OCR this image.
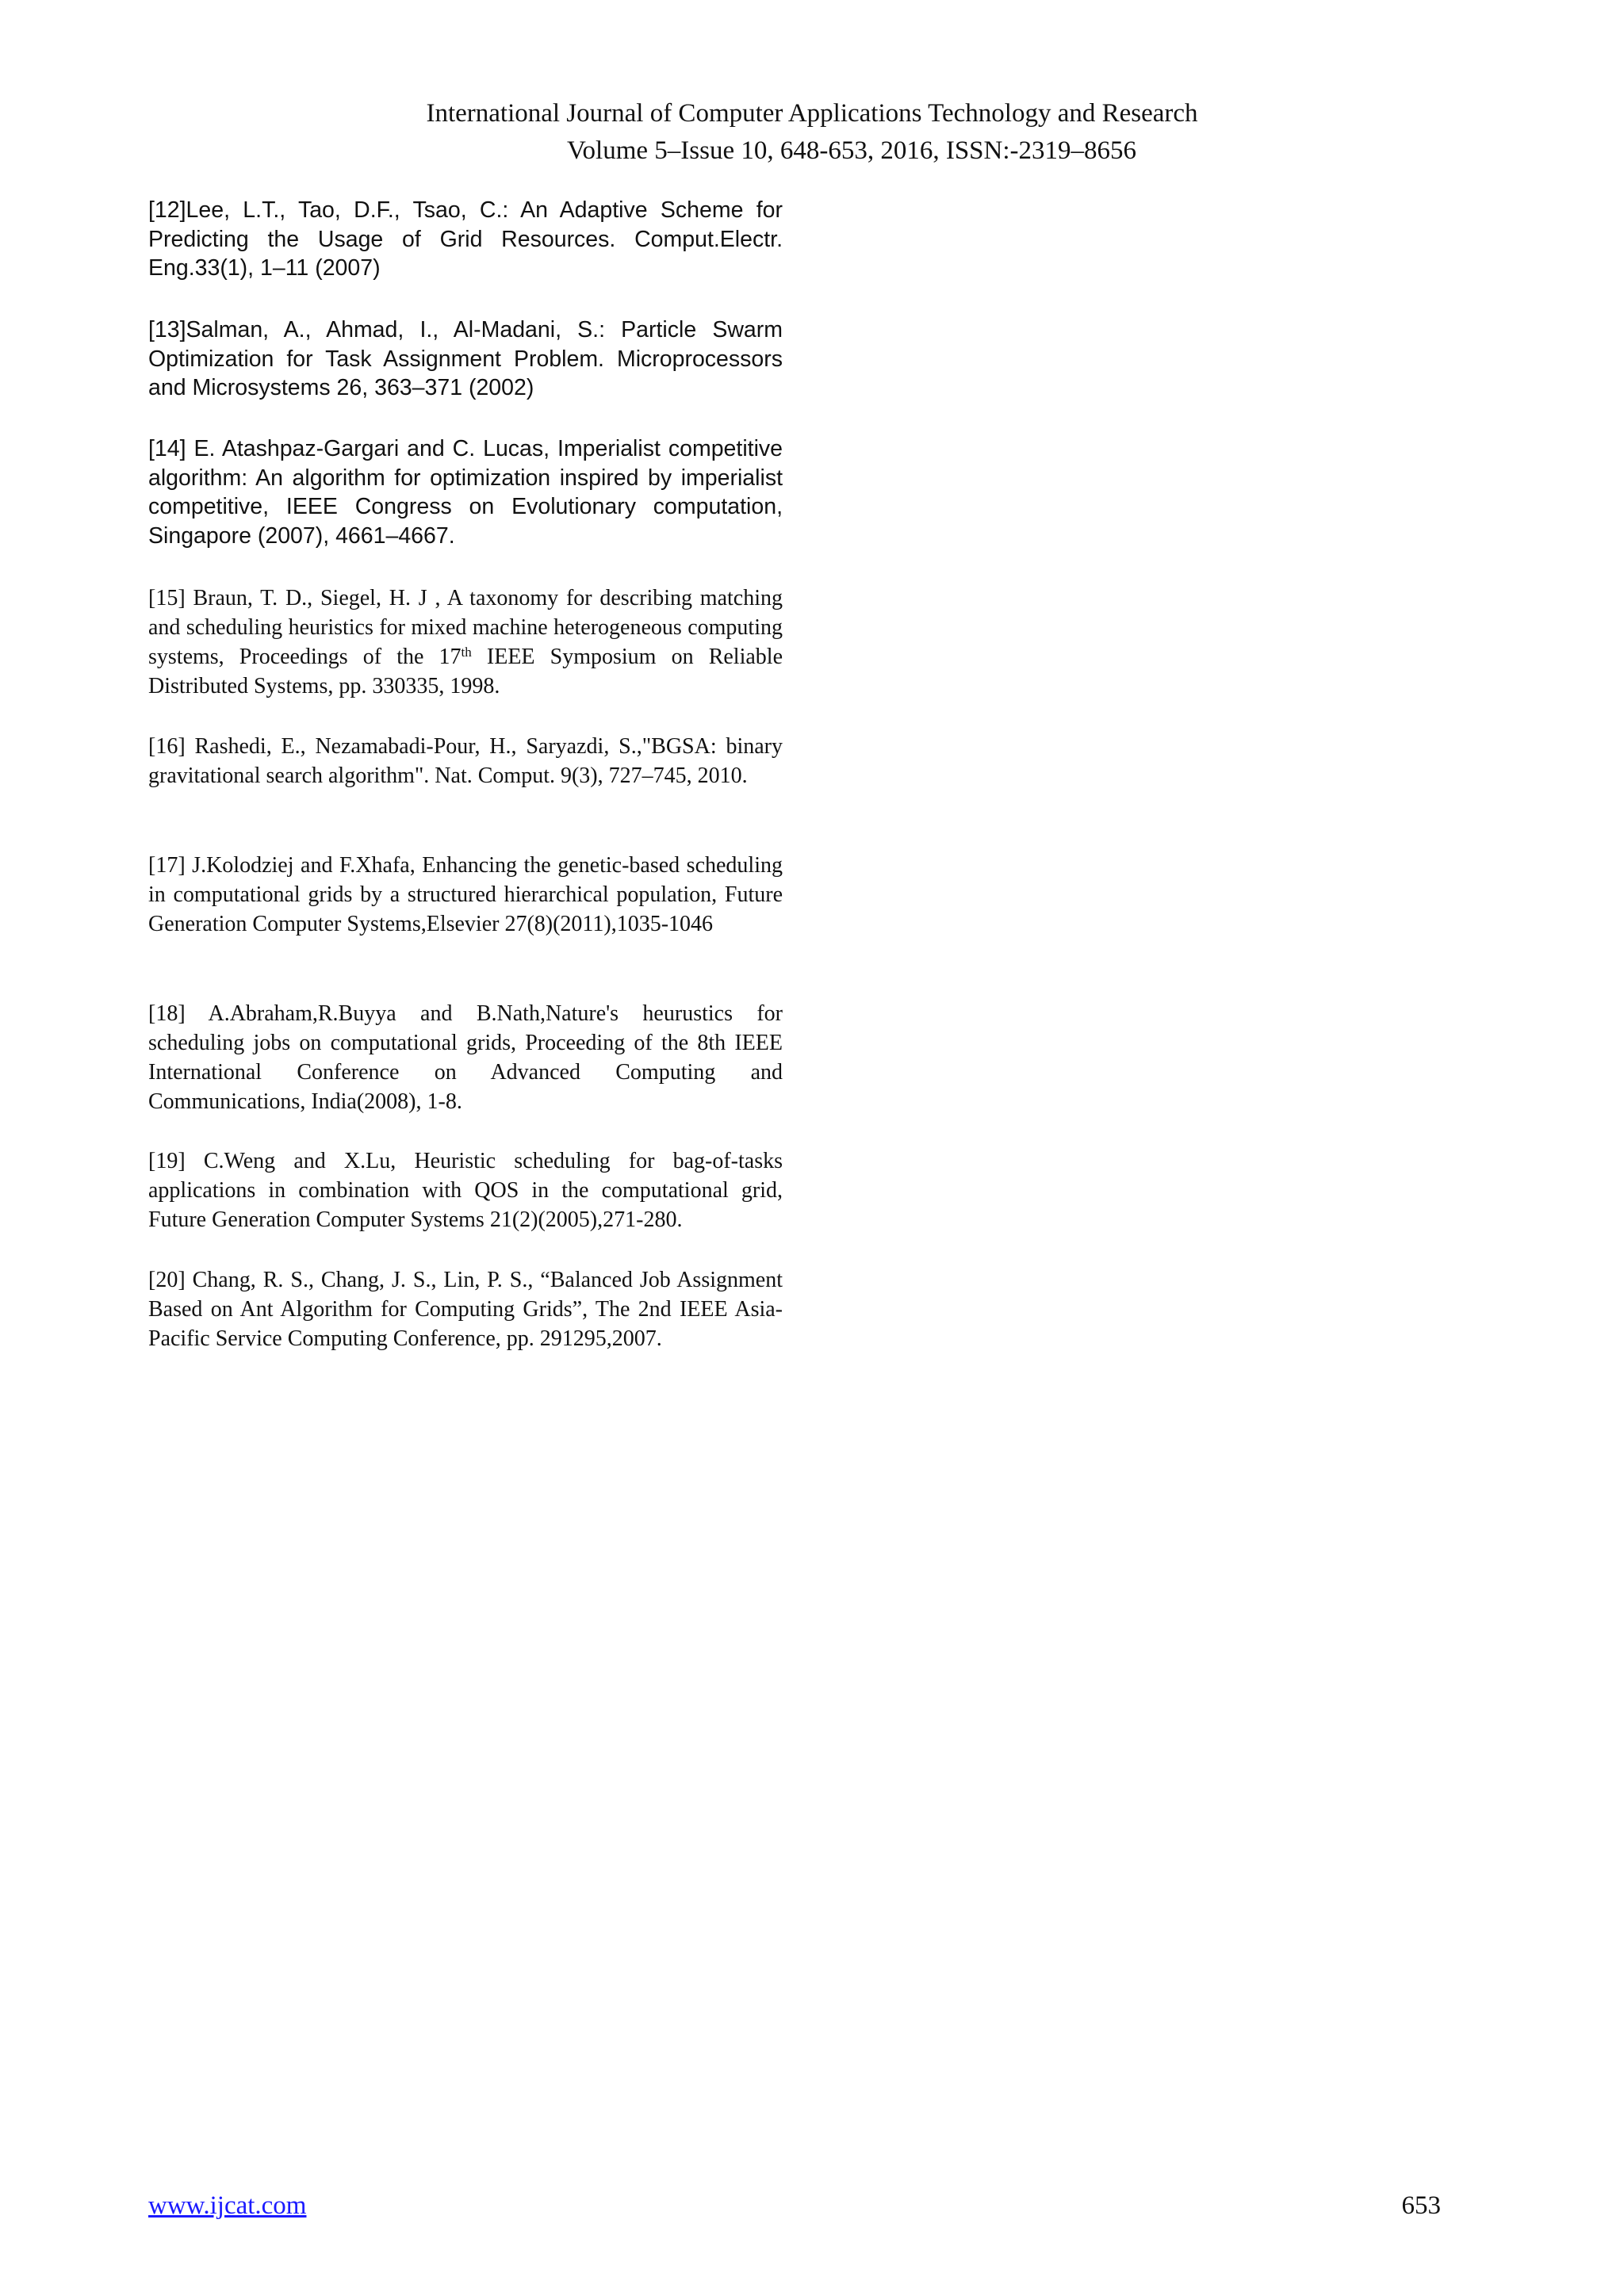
International Journal of Computer Applications Technology and Research
Volume 5–Issue 10, 648-653, 2016, ISSN:-2319–8656

[12]Lee, L.T., Tao, D.F., Tsao, C.: An Adaptive Scheme for Predicting the Usage of Grid Resources. Comput.Electr. Eng.33(1), 1–11 (2007)

[13]Salman, A., Ahmad, I., Al-Madani, S.: Particle Swarm Optimization for Task Assignment Problem. Microprocessors and Microsystems 26, 363–371 (2002)

[14] E. Atashpaz-Gargari and C. Lucas, Imperialist competitive algorithm: An algorithm for optimization inspired by imperialist competitive, IEEE Congress on Evolutionary computation, Singapore (2007), 4661–4667.

[15] Braun, T. D., Siegel, H. J , A taxonomy for describing matching and scheduling heuristics for mixed machine heterogeneous computing systems, Proceedings of the 17th IEEE Symposium on Reliable Distributed Systems, pp. 330335, 1998.

[16] Rashedi, E., Nezamabadi-Pour, H., Saryazdi, S.,"BGSA: binary gravitational search algorithm". Nat. Comput. 9(3), 727–745, 2010.

[17] J.Kolodziej and F.Xhafa, Enhancing the genetic-based scheduling in computational grids by a structured hierarchical population, Future Generation Computer Systems,Elsevier 27(8)(2011),1035-1046

[18] A.Abraham,R.Buyya and B.Nath,Nature's heurustics for scheduling jobs on computational grids, Proceeding of the 8th IEEE International Conference on Advanced Computing and Communications, India(2008), 1-8.

[19] C.Weng and X.Lu, Heuristic scheduling for bag-of-tasks applications in combination with QOS in the computational grid, Future Generation Computer Systems 21(2)(2005),271-280.

[20] Chang, R. S., Chang, J. S., Lin, P. S., “Balanced Job Assignment Based on Ant Algorithm for Computing Grids”, The 2nd IEEE Asia-Pacific Service Computing Conference, pp. 291295,2007.

www.ijcat.com	653
